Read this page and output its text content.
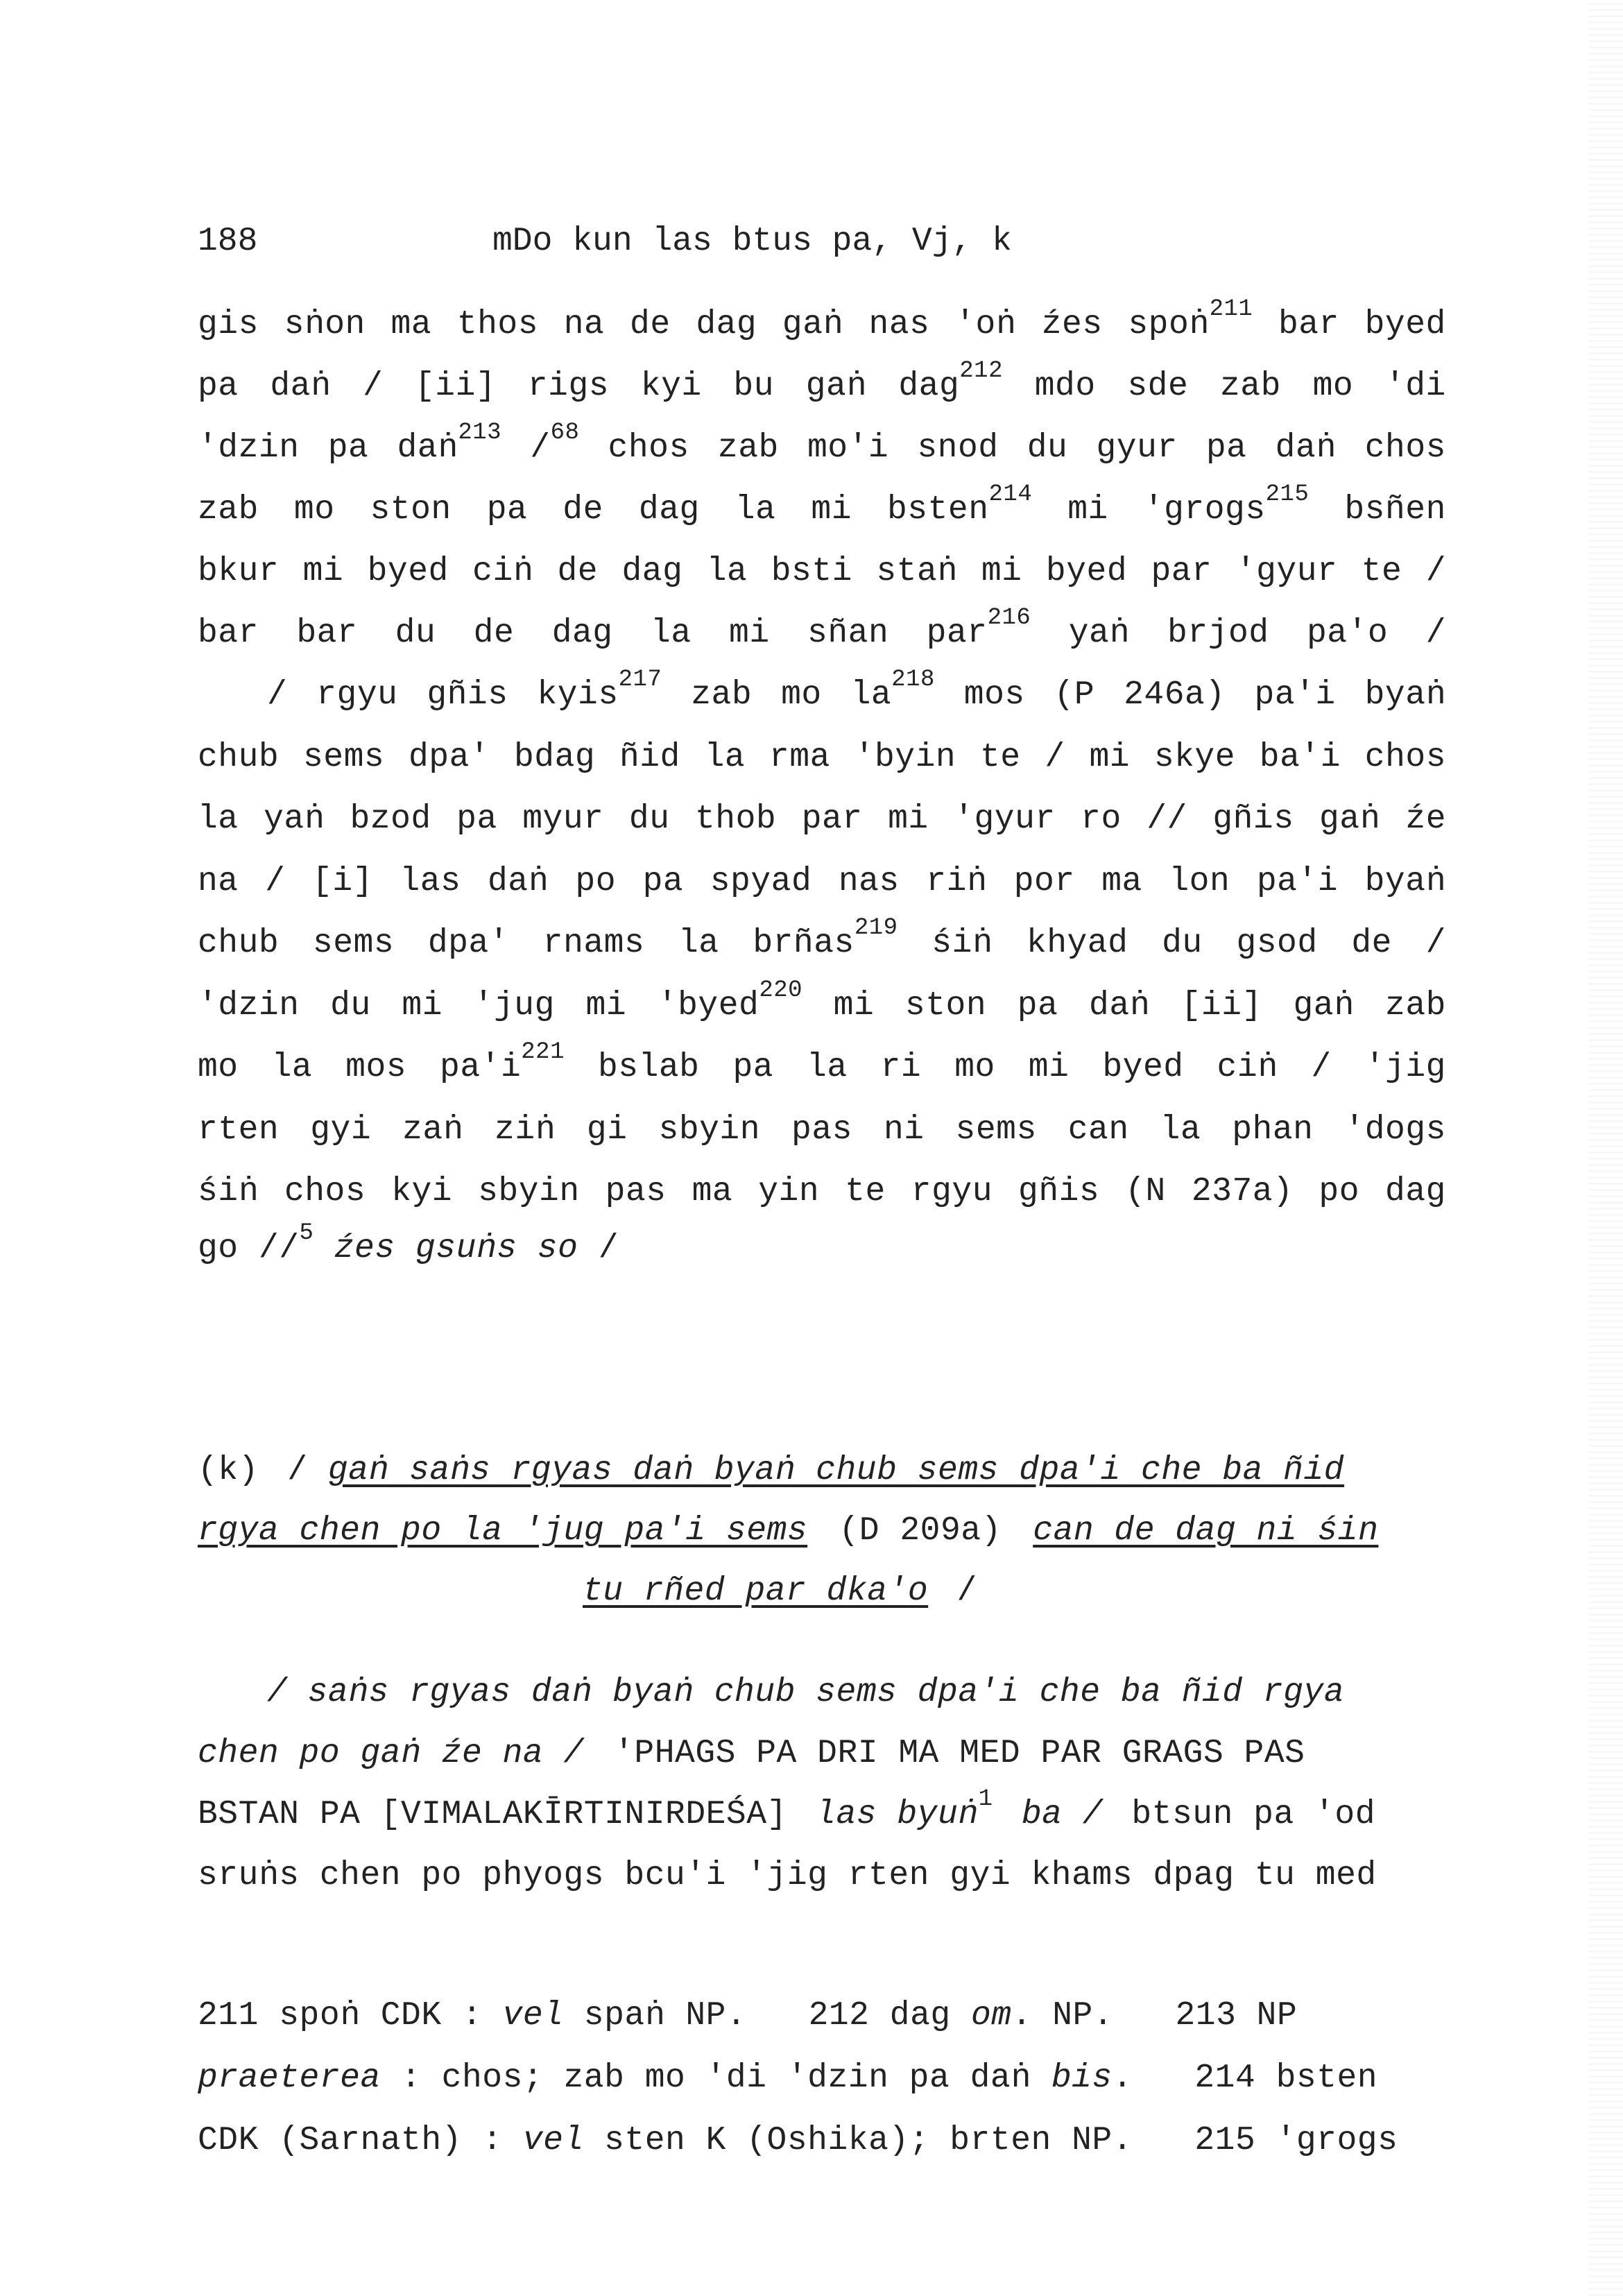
188	mDo kun las btus pa, Vj, k
gis sṅon ma thos na de dag gaṅ nas 'oṅ źes spoṅ$^{211}$ bar byed
pa daṅ / [ii] rigs kyi bu gaṅ dag$^{212}$ mdo sde zab mo 'di
'dzin pa daṅ$^{213}$ /$^{68}$ chos zab mo'i snod du gyur pa daṅ chos
zab mo ston pa de dag la mi bsten$^{214}$ mi 'grogs$^{215}$ bsñen
bkur mi byed ciṅ de dag la bsti staṅ mi byed par 'gyur te /
bar bar du de dag la mi sñan par$^{216}$ yaṅ brjod pa'o /
/ rgyu gñis kyis$^{217}$ zab mo $la^{218}$ mos (P 246a) pa'i byaṅ
chub sems dpa' bdag ñid la rma 'byin te / mi skye ba'i chos
la yaṅ bzod pa myur du thob par mi 'gyur ro // gñis gaṅ źe
na / [i] las daṅ po pa spyad nas riṅ por ma lon pa'i byaṅ
chub sems dpa' rnams la brñas$^{219}$ śiṅ khyad du gsod de /
'dzin du mi 'jug mi 'byed$^{220}$ mi ston pa daṅ [ii] gaṅ zab
mo la mos $pa'i^{221}$ bslab pa la ri mo mi byed ciṅ / 'jig
rten gyi zaṅ ziṅ gi sbyin pas ni sems can la phan 'dogs
śiṅ chos kyi sbyin pas ma yin te rgyu gñis (N 237a) po dag
go //$^5$ źes gsuṅs so /
(k) / gaṅ saṅs rgyas daṅ byaṅ chub sems dpa'i che ba ñid
rgya chen po la 'jug pa'i sems (D 209a) can de dag ni śin
tu rñed par dka'o /
/ saṅs rgyas daṅ byaṅ chub sems dpa'i che ba ñid rgya
chen po gaṅ źe na / 'PHAGS PA DRI MA MED PAR GRAGS PAS
BSTAN PA [VIMALAKĪRTINIRDEŚA] las byuṅ$^1$ ba / btsun pa 'od
sruṅs chen po phyogs bcu'i 'jig rten gyi khams dpag tu med
211 spoṅ CDK : vel spaṅ NP. 212 dag om. NP. 213 NP
praeterea : chos; zab mo 'di 'dzin pa daṅ bis. 214 bsten
CDK (Sarnath) : vel sten K (Oshika); brten NP. 215 'grogs
